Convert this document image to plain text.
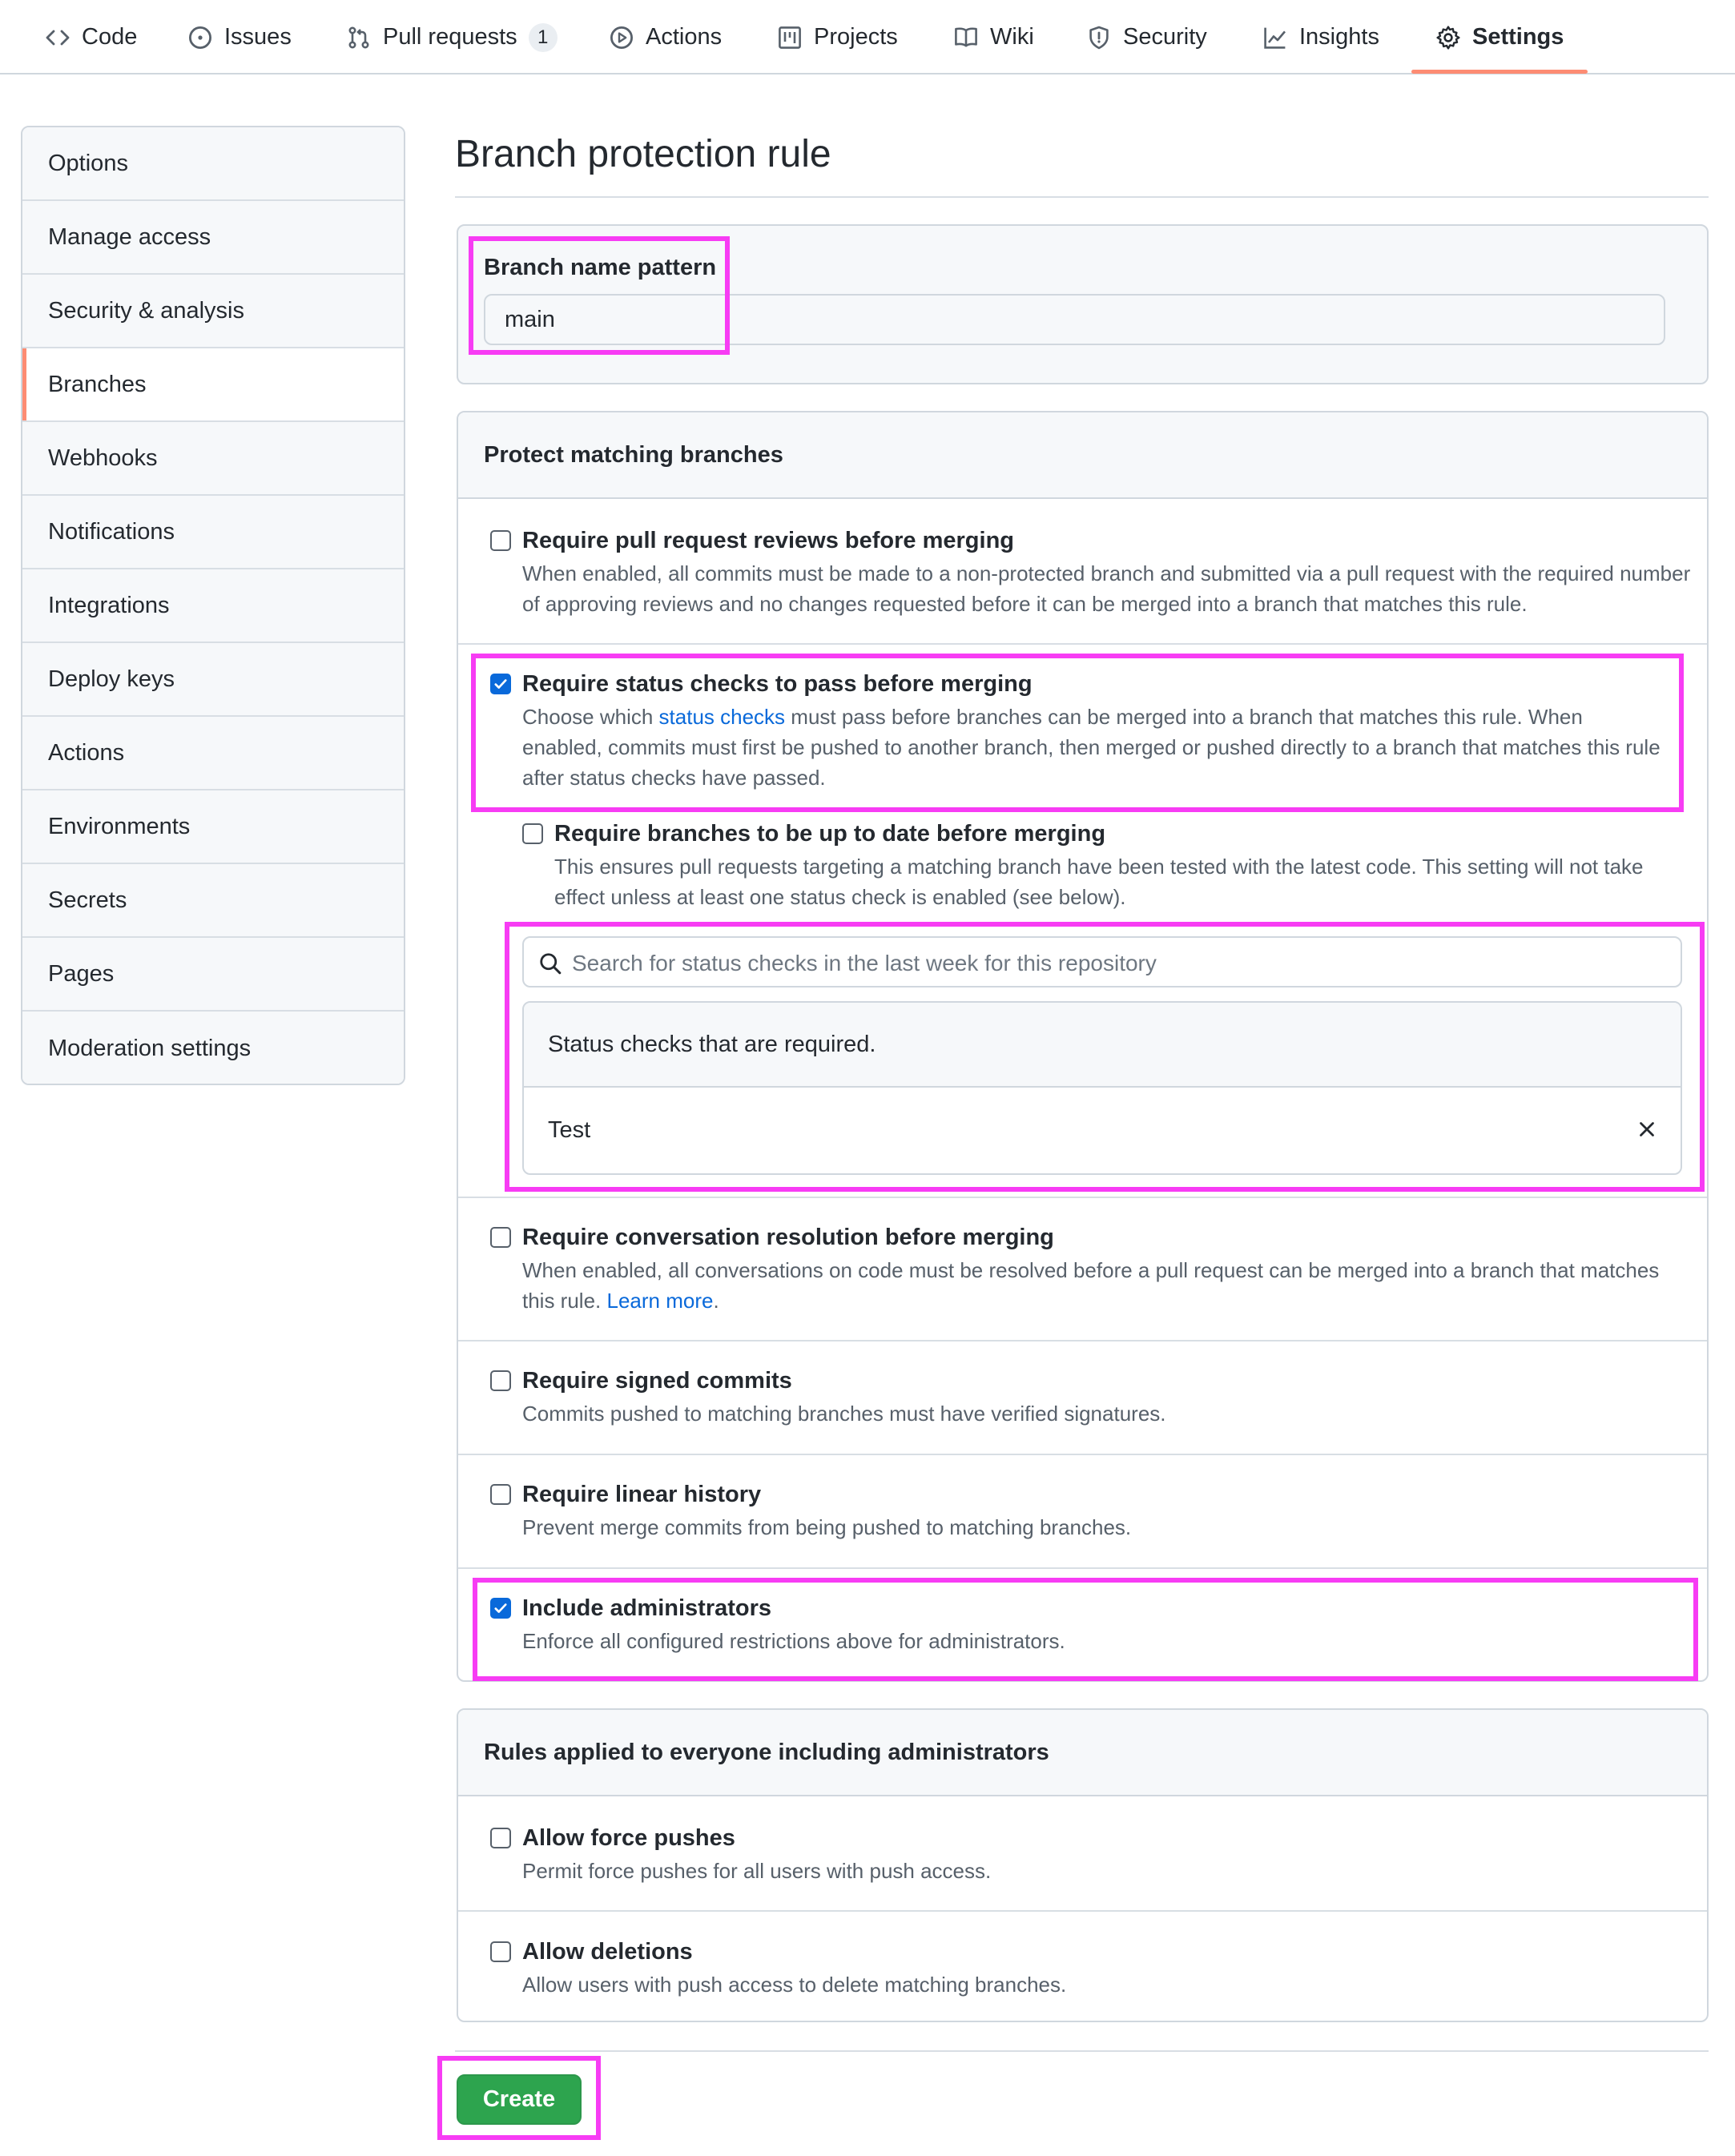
Code	Issues	Pull requests	1	Actions	Projects	Wiki	Security	Insights	Settings
Options
Manage access
Security & analysis
Branches
Webhooks
Notifications
Integrations
Deploy keys
Actions
Environments
Secrets
Pages
Moderation settings
Branch protection rule
Branch name pattern
main
Protect matching branches
Require pull request reviews before merging
When enabled, all commits must be made to a non-protected branch and submitted via a pull request with the required number of approving reviews and no changes requested before it can be merged into a branch that matches this rule.
Require status checks to pass before merging
Choose which status checks must pass before branches can be merged into a branch that matches this rule. When enabled, commits must first be pushed to another branch, then merged or pushed directly to a branch that matches this rule after status checks have passed.
Require branches to be up to date before merging
This ensures pull requests targeting a matching branch have been tested with the latest code. This setting will not take effect unless at least one status check is enabled (see below).
Search for status checks in the last week for this repository
Status checks that are required.
Test
Require conversation resolution before merging
When enabled, all conversations on code must be resolved before a pull request can be merged into a branch that matches this rule. Learn more.
Require signed commits
Commits pushed to matching branches must have verified signatures.
Require linear history
Prevent merge commits from being pushed to matching branches.
Include administrators
Enforce all configured restrictions above for administrators.
Rules applied to everyone including administrators
Allow force pushes
Permit force pushes for all users with push access.
Allow deletions
Allow users with push access to delete matching branches.
Create
